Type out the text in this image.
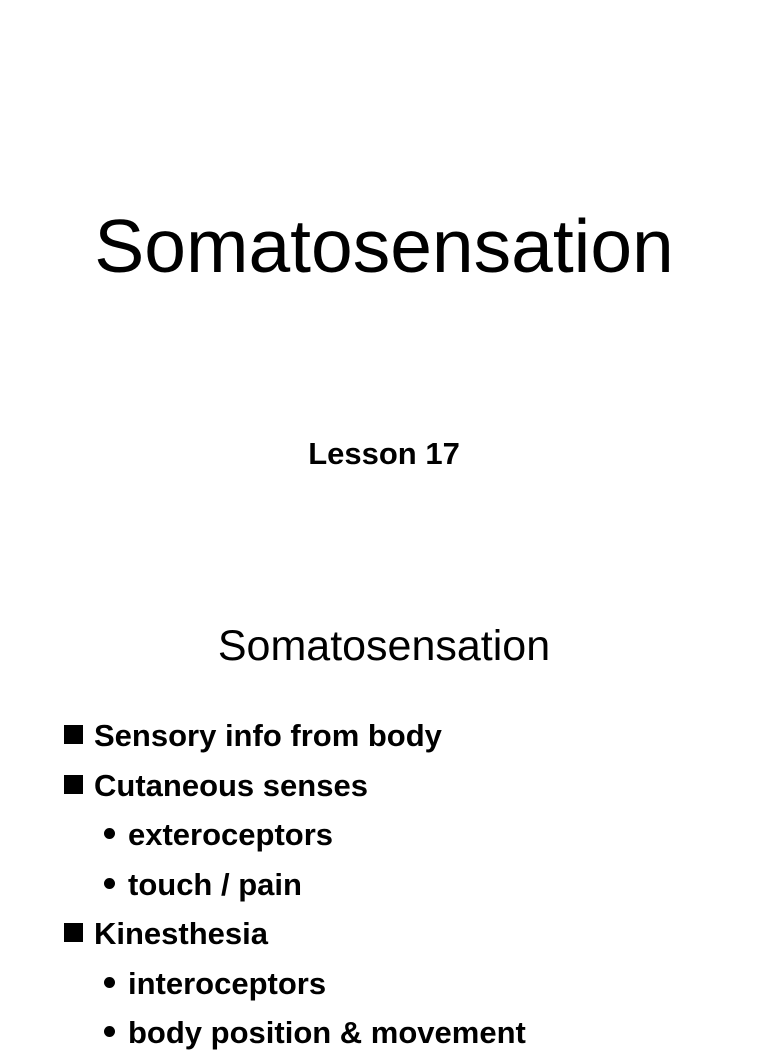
Somatosensation
Lesson 17
Somatosensation
Sensory info from body
Cutaneous senses
exteroceptors
touch / pain
Kinesthesia
interoceptors
body position & movement
